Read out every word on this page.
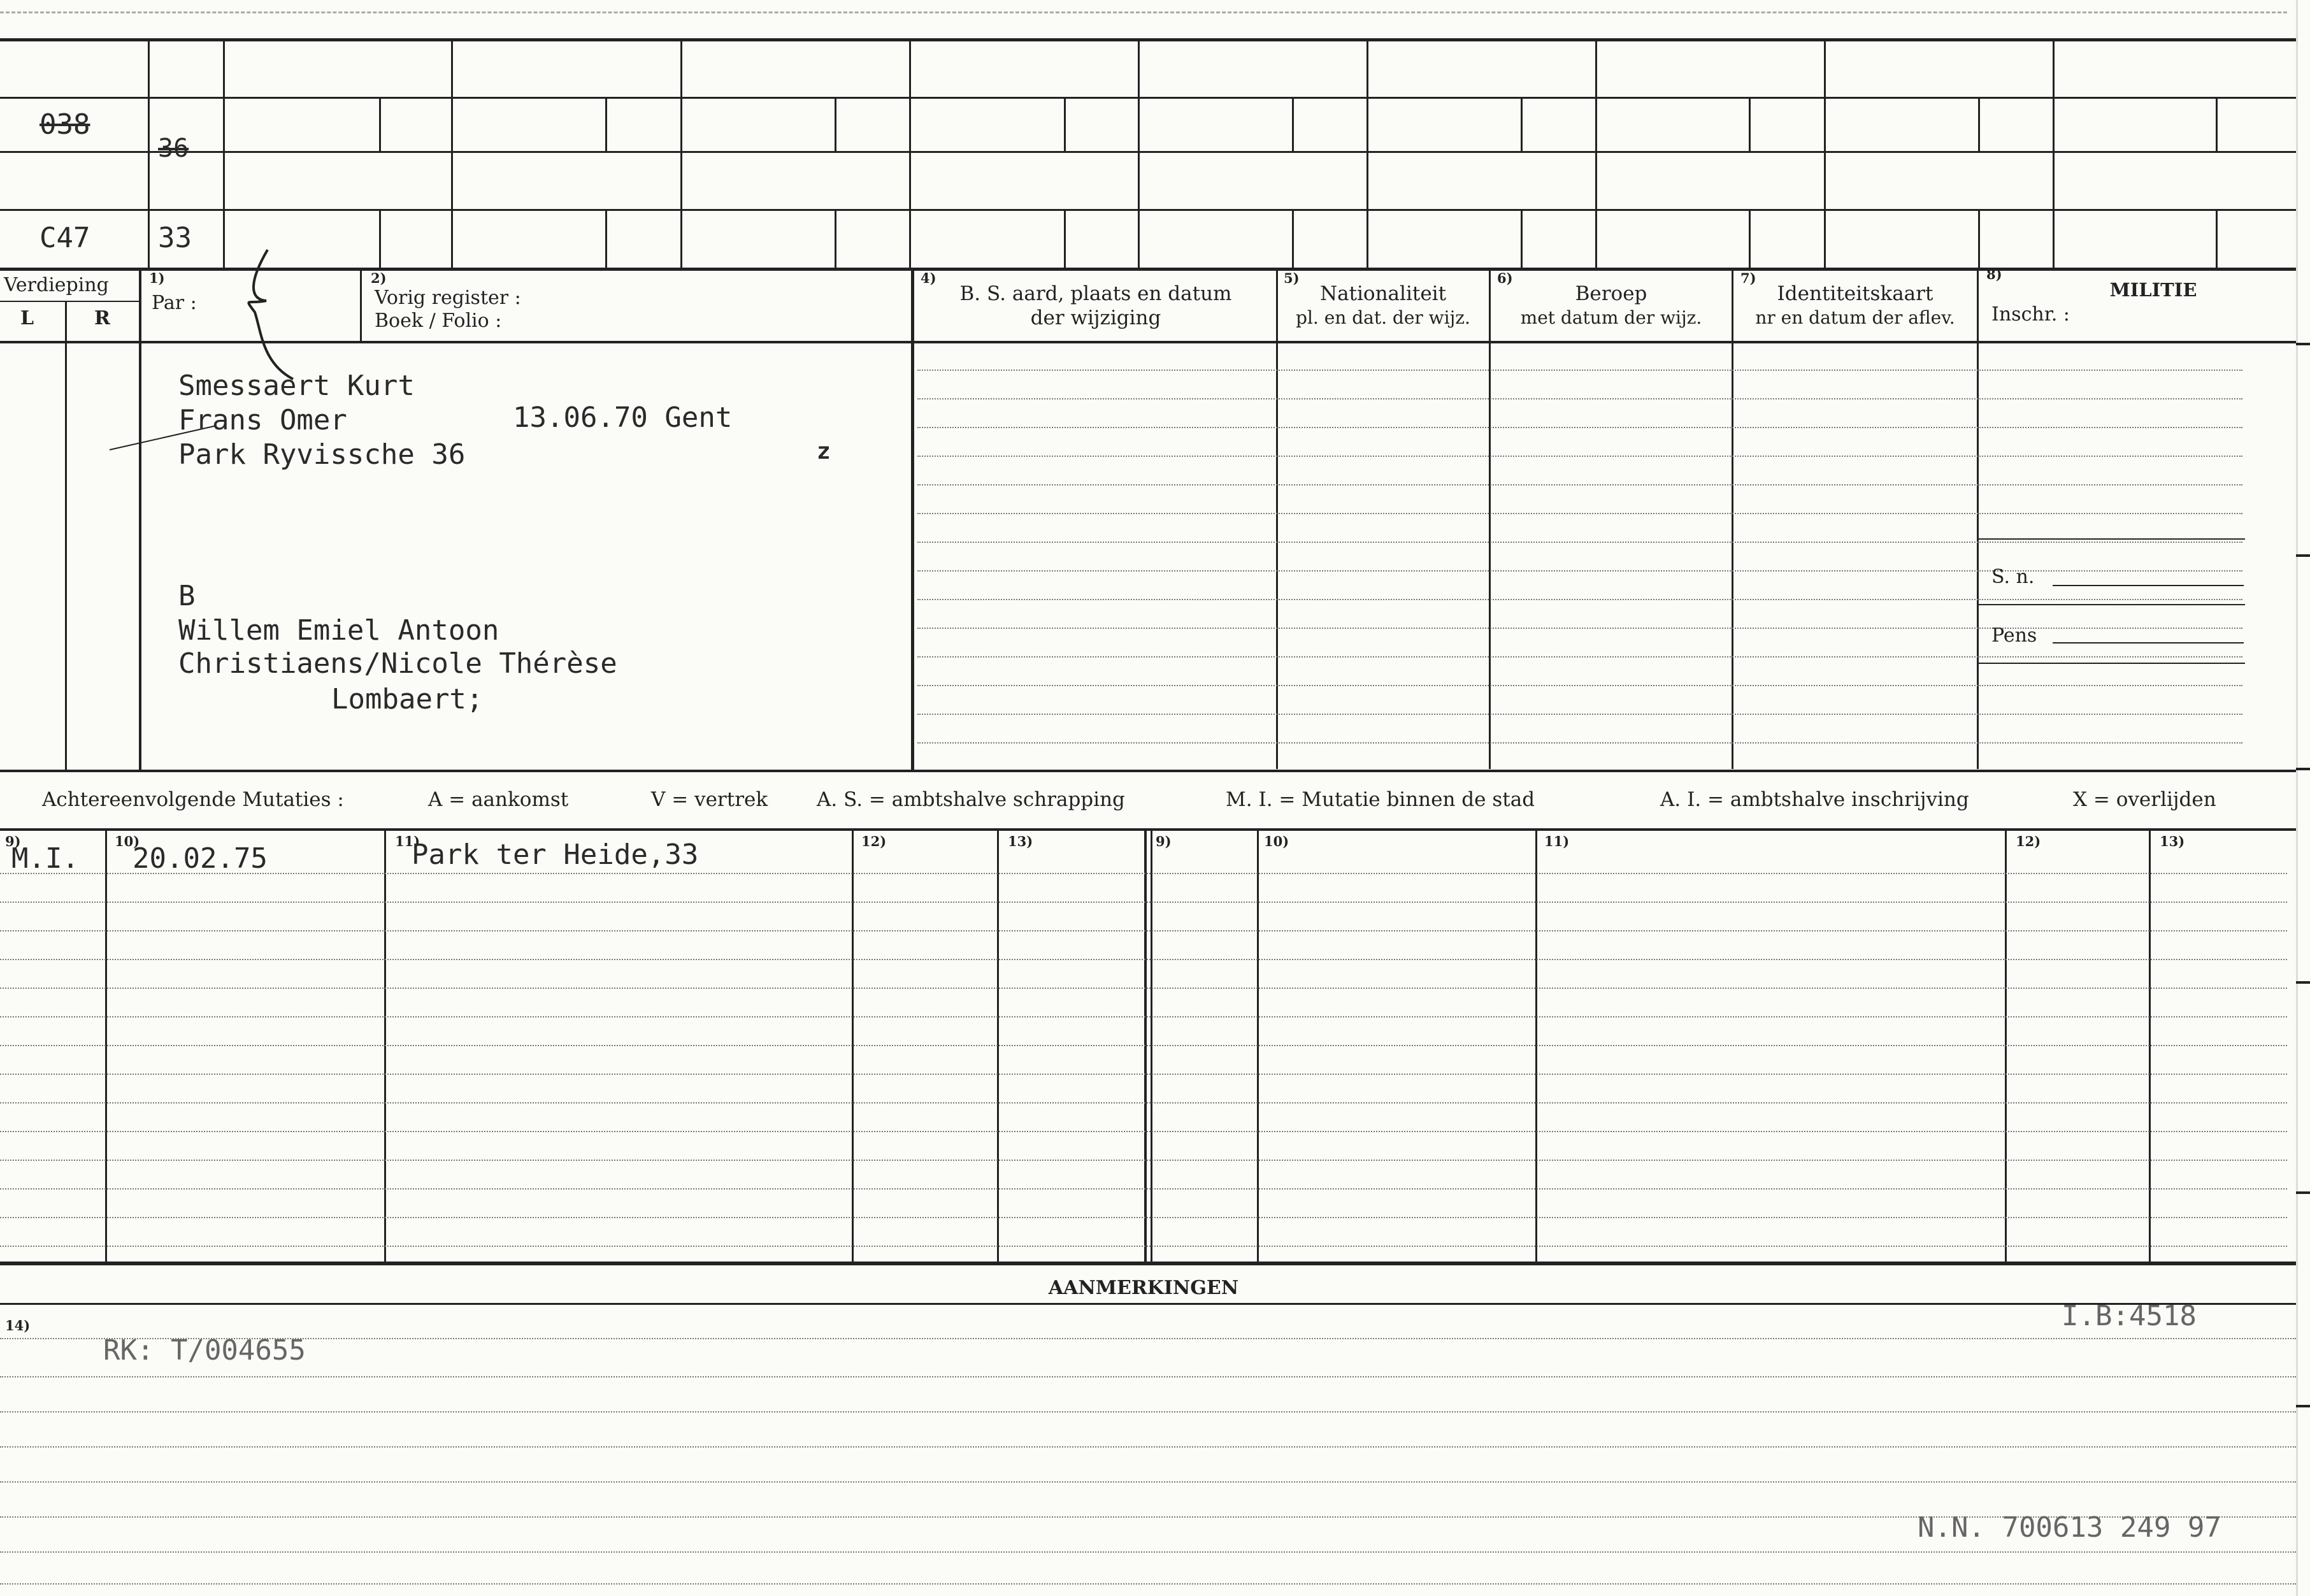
038
36
C47 33
Verdieping
L	R
1)
Par :
2)
Vorig register :
Boek / Folio :
4)
B. S. aard, plaats en datum
der wijziging
5)
Nationaliteit
pl. en dat. der wijz.
6)
Beroep
met datum der wijz.
7)
Identiteitskaart
nr en datum der aflev.
8)
MILITIE
Inschr. :
S. n.
Pens
Smessaert Kurt
Frans Omer	13.06.70 Gent
Park Ryvissche 36	z
B
Willem Emiel Antoon
Christiaens/Nicole Thérèse
Lombaert;
Achtereenvolgende Mutaties :	A = aankomst	V = vertrek A. S. = ambtshalve schrapping	M. I. = Mutatie binnen de stad	A. I. = ambtshalve inschrijving	X = overlijden
9)	10)	11)	12)	13)	9)	10)	11)	12)	13)
M.I. 20.02.75	Park ter Heide,33
AANMERKINGEN
14)
RK: T/004655
I.B:4518
N.N. 700613 249 97
